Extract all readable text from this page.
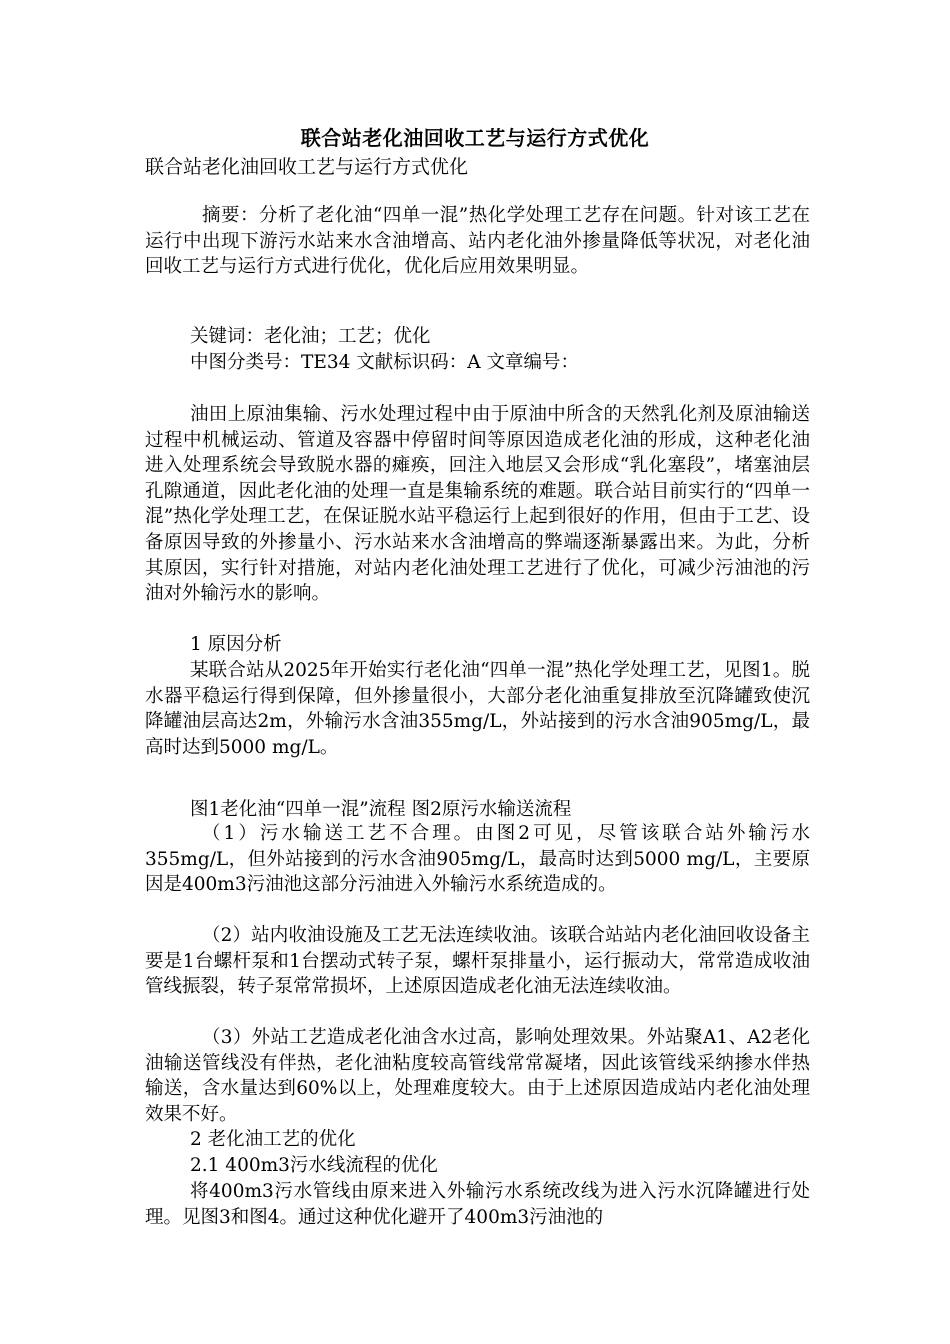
联合站老化油回收工艺与运行方式优化
联合站老化油回收工艺与运行方式优化
摘要：分析了老化油“四单一混”热化学处理工艺存在问题。针对该工艺在运行中出现下游污水站来水含油增高、站内老化油外掺量降低等状况，对老化油回收工艺与运行方式进行优化，优化后应用效果明显。
关键词：老化油；工艺；优化
中图分类号：TE34 文献标识码：A 文章编号：
油田上原油集输、污水处理过程中由于原油中所含的天然乳化剂及原油输送过程中机械运动、管道及容器中停留时间等原因造成老化油的形成，这种老化油进入处理系统会导致脱水器的瘫痪，回注入地层又会形成“乳化塞段”，堵塞油层孔隙通道，因此老化油的处理一直是集输系统的难题。联合站目前实行的“四单一混”热化学处理工艺，在保证脱水站平稳运行上起到很好的作用，但由于工艺、设备原因导致的外掺量小、污水站来水含油增高的弊端逐渐暴露出来。为此，分析其原因，实行针对措施，对站内老化油处理工艺进行了优化，可减少污油池的污油对外输污水的影响。
1 原因分析
某联合站从2025年开始实行老化油“四单一混”热化学处理工艺，见图1。脱水器平稳运行得到保障，但外掺量很小，大部分老化油重复排放至沉降罐致使沉降罐油层高达2m，外输污水含油355mg/L，外站接到的污水含油905mg/L，最高时达到5000 mg/L。
图1老化油“四单一混”流程 图2原污水输送流程
（1）污水输送工艺不合理。由图2可见，尽管该联合站外输污水355mg/L，但外站接到的污水含油905mg/L，最高时达到5000 mg/L，主要原因是400m3污油池这部分污油进入外输污水系统造成的。
（2）站内收油设施及工艺无法连续收油。该联合站站内老化油回收设备主要是1台螺杆泵和1台摆动式转子泵，螺杆泵排量小，运行振动大，常常造成收油管线振裂，转子泵常常损坏，上述原因造成老化油无法连续收油。
（3）外站工艺造成老化油含水过高，影响处理效果。外站聚A1、A2老化油输送管线没有伴热，老化油粘度较高管线常常凝堵，因此该管线采纳掺水伴热输送，含水量达到60%以上，处理难度较大。由于上述原因造成站内老化油处理效果不好。
2 老化油工艺的优化
2.1 400m3污水线流程的优化
将400m3污水管线由原来进入外输污水系统改线为进入污水沉降罐进行处理。见图3和图4。通过这种优化避开了400m3污油池的
